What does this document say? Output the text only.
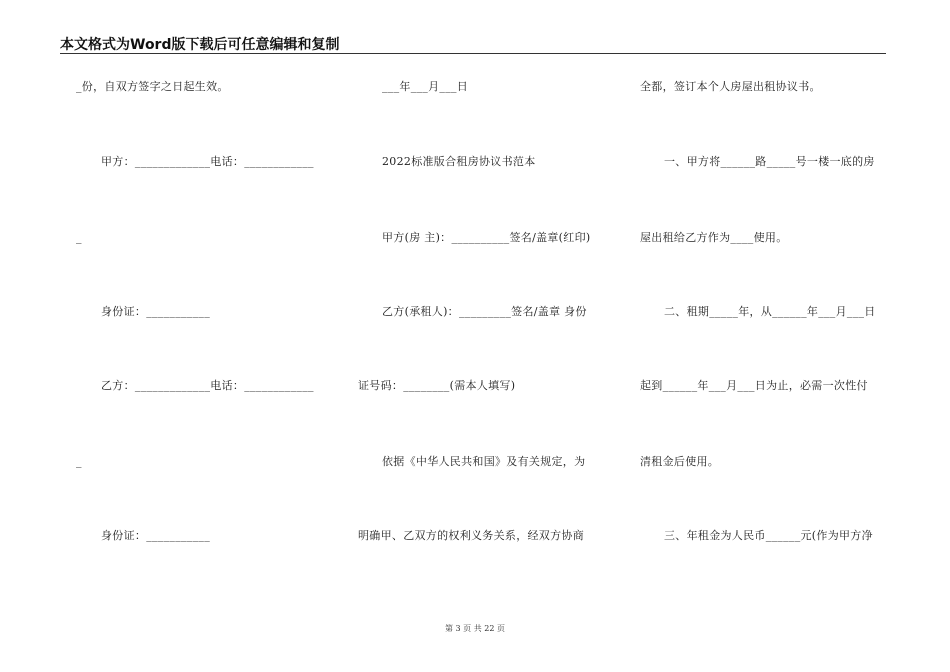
本文格式为Word版下载后可任意编辑和复制
_份，自双方签字之日起生效。
甲方：_____________电话：____________
_
身份证：___________
乙方：_____________电话：____________
_
身份证：___________
___年___月___日
2022标准版合租房协议书范本
甲方(房 主)：__________签名/盖章(红印)
乙方(承租人)：_________签名/盖章 身份
证号码：________(需本人填写)
依据《中华人民共和国》及有关规定，为
明确甲、乙双方的权利义务关系，经双方协商
全都，签订本个人房屋出租协议书。
一、甲方将______路_____号一楼一底的房
屋出租给乙方作为____使用。
二、租期_____年，从______年___月___日
起到______年___月___日为止，必需一次性付
清租金后使用。
三、年租金为人民币______元(作为甲方净
第 3 页 共 22 页
